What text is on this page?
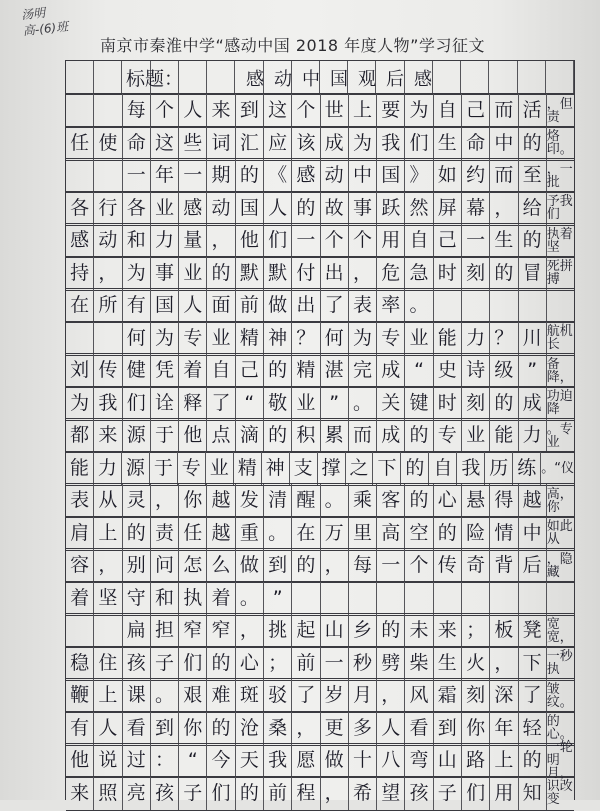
汤明
高-(6)班
南京市秦淮中学“感动中国 2018 年度人物”学习征文
标题：	感动中国观后感
每 个 人 来 到 这 个 世 上 要 为 自 己 而 活 ，但责
任 使 命 这 些 词 汇 应 该 成 为 我 们 生 命 中 的 烙印。
一 年 一 期 的 《 感 动 中 国 》 如 约 而 至 ，一批
各 行 各 业 感 动 国 人 的 故 事 跃 然 屏 幕 ， 给 予我们
感 动 和 力 量 ， 他 们 一 个 个 用 自 己 一 生 的 执着坚
持 ， 为 事 业 的 默 默 付 出 ， 危 急 时 刻 的 冒 死拼搏
在 所 有 国 人 面 前 做 出 了 表 率 。
何 为 专 业 精 神 ？ 何 为 专 业 能 力 ？ 川 航机长
刘 传 健 凭 着 自 己 的 精 湛 完 成 “ 史 诗 级 ” 备降，
为 我 们 诠 释 了 “ 敬 业 ” 。 关 键 时 刻 的 成 功迫降
都 来 源 于 他 点 滴 的 积 累 而 成 的 专 业 能 力 。专业
能 力 源 于 专 业 精 神 支 撑 之 下 的 自 我 历 练 。“仪
表 从 灵 ， 你 越 发 清 醒 。 乘 客 的 心 悬 得 越 高，你
肩 上 的 责 任 越 重 。 在 万 里 高 空 的 险 情 中 如此从
容 ， 别 问 怎 么 做 到 的 ， 每 一 个 传 奇 背 后 ，隐藏
着 坚 守 和 执 着 。 ”
扁 担 窄 窄 ， 挑 起 山 乡 的 未 来 ； 板 凳 宽宽，
稳 住 孩 子 们 的 心 ； 前 一 秒 劈 柴 生 火 ， 下 一秒执
鞭 上 课 。 艰 难 斑 驳 了 岁 月 ， 风 霜 刻 深 了 皱纹。
有 人 看 到 你 的 沧 桑 ， 更 多 人 看 到 你 年 轻 的心。
他 说 过 ： “ 今 天 我 愿 做 十 八 弯 山 路 上 的
一轮明月，
来 照 亮 孩 子 们 的 前 程 ， 希 望 孩 子 们 用 知 识改变
